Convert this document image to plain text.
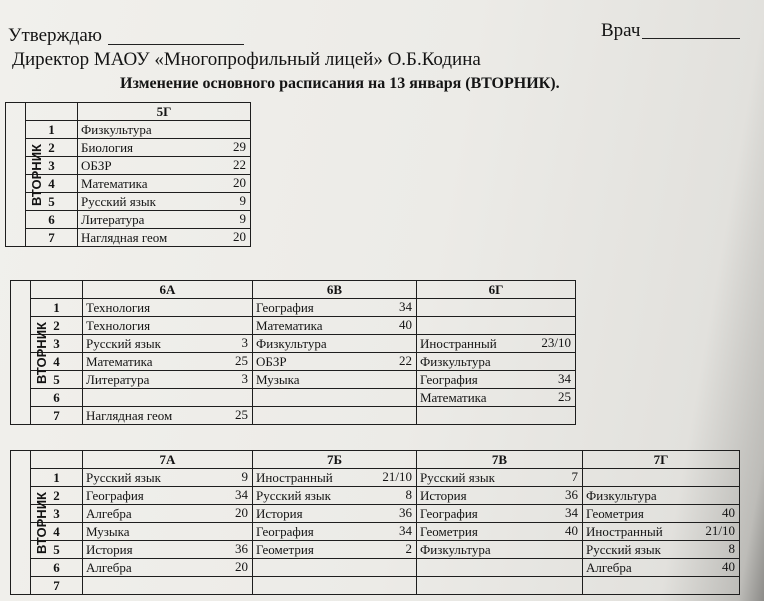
Утверждаю	Врач
Директор МАОУ «Многопрофильный лицей» О.Б.Кодина
Изменение основного расписания на 13 января (ВТОРНИК).
ВТОРНИК		5Г
	1	Физкультура

	2	Биология 29

	3	ОБЗР 22

	4	Математика 20

	5	Русский язык 9

	6	Литература 9

	7	Наглядная геом 20
ВТОРНИК		6А	6В	6Г
	1	Технология	География 34	

	2	Технология	Математика 40	

	3	Русский язык 3	Физкультура	Иностранный 23/10

	4	Математика 25	ОБЗР 22	Физкультура

	5	Литература 3	Музыка	География 34

	6			Математика 25

	7	Наглядная геом 25		

ВТОРНИК		7А	7Б	7В	7Г
	1	Русский язык 9	Иностранный 21/10	Русский язык 7	

	2	География 34	Русский язык 8	История 36	Физкультура

	3	Алгебра 20	История 36	География 34	Геометрия 40

	4	Музыка	География 34	Геометрия 40	Иностранный 21/10

	5	История 36	Геометрия 2	Физкультура	Русский язык 8

	6	Алгебра 20			Алгебра 40

	7	
